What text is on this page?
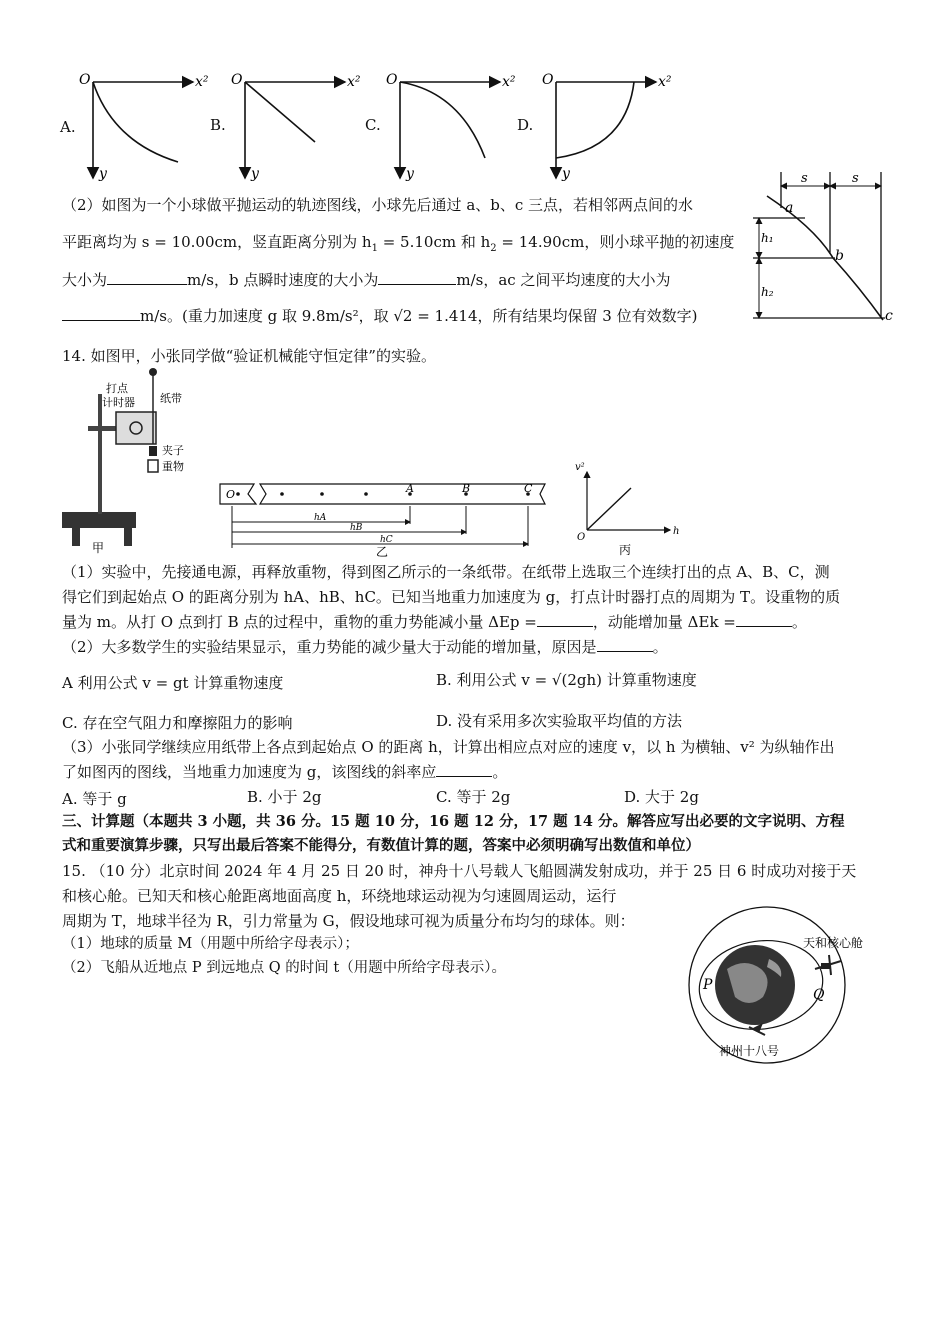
A.	B.	C.	D.
O	x²
y
O	x²
y
O	x²
y
O	x²
y
（2）如图为一个小球做平抛运动的轨迹图线，小球先后通过 a、b、c 三点，若相邻两点间的水
平距离均为 s = 10.00cm，竖直距离分别为 $h_1 = 5.10cm$ 和 $h_2 = 14.90cm$，则小球平抛的初速度
大小为	m/s，b 点瞬时速度的大小为	m/s，ac 之间平均速度的大小为
m/s。(重力加速度 g 取 9.8m/s²，取 √2 = 1.414，所有结果均保留 3 位有效数字)
s	s
h₁
h₂
a
b
c
14. 如图甲，小张同学做“验证机械能守恒定律”的实验。
打点
计时器 纸带
夹子
重物
甲
O	A	B	C
hA
hB
hC
乙
v²
h
O
丙
（1）实验中，先接通电源，再释放重物，得到图乙所示的一条纸带。在纸带上选取三个连续打出的点 A、B、C，测
得它们到起始点 O 的距离分别为 hA、hB、hC。已知当地重力加速度为 g，打点计时器打点的周期为 T。设重物的质
量为 m。从打 O 点到打 B 点的过程中，重物的重力势能减小量 ΔEp =	，动能增加量 ΔEk =	。
（2）大多数学生的实验结果显示，重力势能的减少量大于动能的增加量，原因是	。
A 利用公式 v = gt 计算重物速度	B. 利用公式 v = √(2gh) 计算重物速度
C. 存在空气阻力和摩擦阻力的影响	D. 没有采用多次实验取平均值的方法
（3）小张同学继续应用纸带上各点到起始点 O 的距离 h，计算出相应点对应的速度 v，以 h 为横轴、v² 为纵轴作出
了如图丙的图线，当地重力加速度为 g，该图线的斜率应	。
A. 等于 g	B. 小于 2g	C. 等于 2g	D. 大于 2g
三、计算题（本题共 3 小题，共 36 分。15 题 10 分，16 题 12 分，17 题 14 分。解答应写出必要的文字说明、方程
式和重要演算步骤，只写出最后答案不能得分，有数值计算的题，答案中必须明确写出数值和单位）
15. （10 分）北京时间 2024 年 4 月 25 日 20 时，神舟十八号载人飞船圆满发射成功，并于 25 日 6 时成功对接于天
和核心舱。已知天和核心舱距离地面高度 h，环绕地球运动视为匀速圆周运动，运行
周期为 T，地球半径为 R，引力常量为 G，假设地球可视为质量分布均匀的球体。则：
（1）地球的质量 M（用题中所给字母表示）；
（2）飞船从近地点 P 到远地点 Q 的时间 t（用题中所给字母表示）。
天和核心舱
P
Q
神州十八号
